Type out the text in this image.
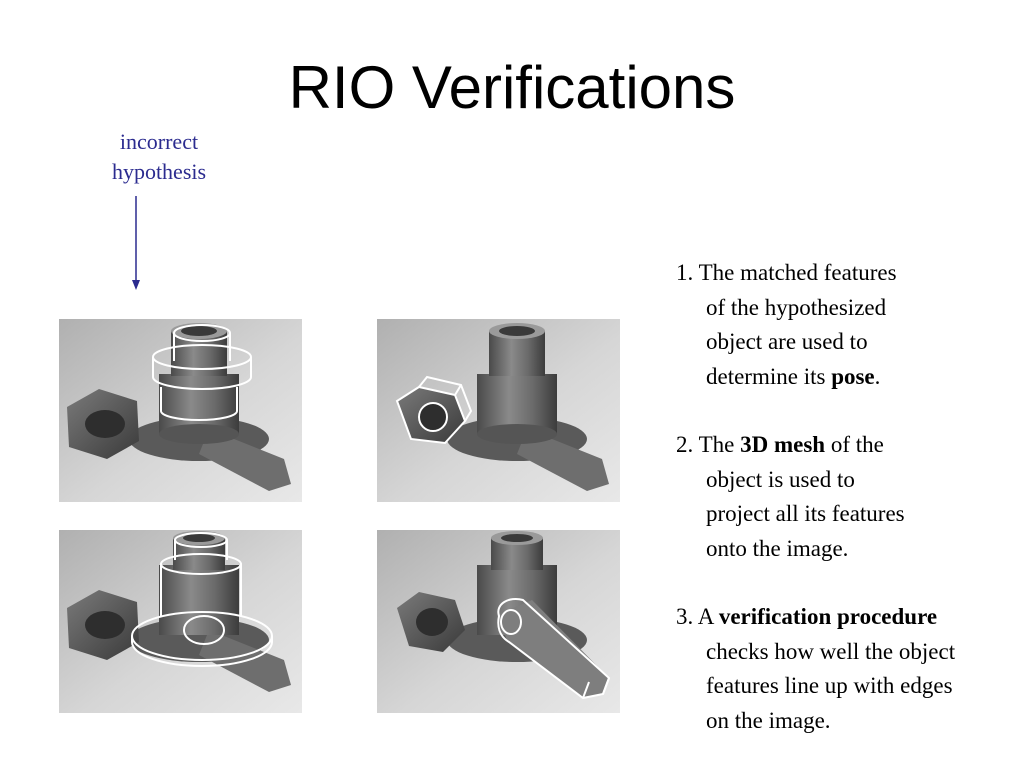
RIO Verifications
incorrect
hypothesis
1. The matched features
of the hypothesized
object are used to
determine its pose.
2. The 3D mesh of the
object is used to
project all its features
onto the image.
3. A verification procedure
checks how well the object
features line up with edges
on the image.
